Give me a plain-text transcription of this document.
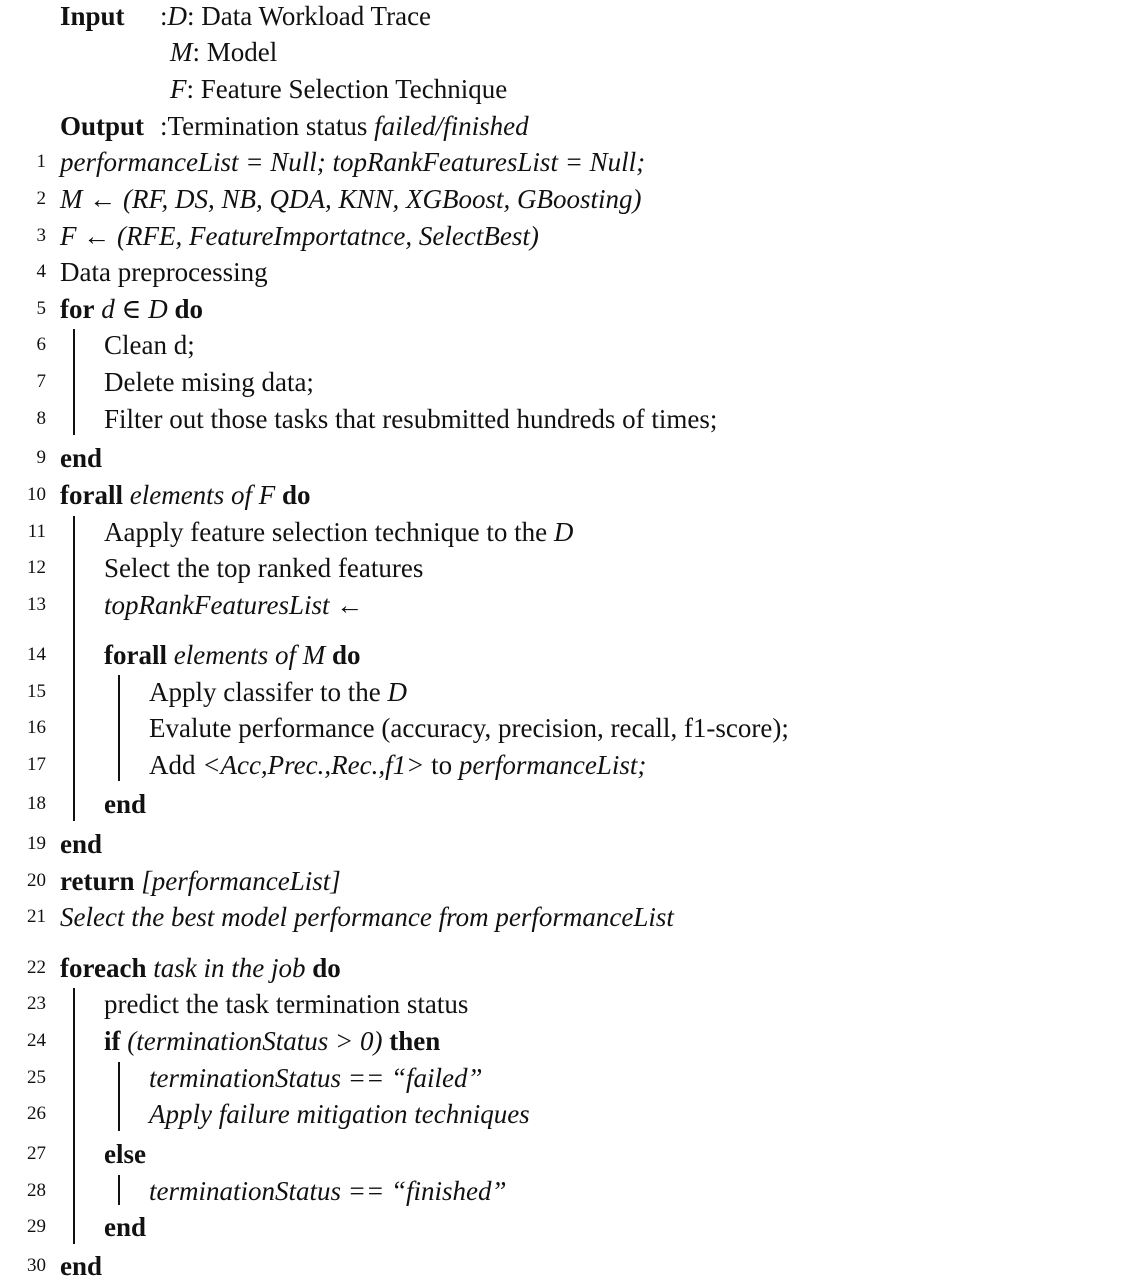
Input :D: Data Workload Trace
M: Model
F: Feature Selection Technique
Output :Termination status failed/finished
1 performanceList = Null; topRankFeaturesList = Null;
2 M ← (RF, DS, NB, QDA, KNN, XGBoost, GBoosting)
3 F ← (RFE, FeatureImportatnce, SelectBest)
4 Data preprocessing
5 for d ∈ D do
6 Clean d;
7 Delete mising data;
8 Filter out those tasks that resubmitted hundreds of times;
9 end
10 forall elements of F do
11 Aapply feature selection technique to the D
12 Select the top ranked features
13 topRankFeaturesList ←
14 forall elements of M do
15	Apply classifer to the D
16	Evalute performance (accuracy, precision, recall, f1-score);
17	Add <Acc,Prec.,Rec.,f1> to performanceList;
18 end
19 end
20 return [performanceList]
21 Select the best model performance from performanceList
22 foreach task in the job do
23 predict the task termination status
24 if (terminationStatus > 0) then
25	terminationStatus == “failed”
26	Apply failure mitigation techniques
27 else
28	terminationStatus == “finished”
29 end
30 end
